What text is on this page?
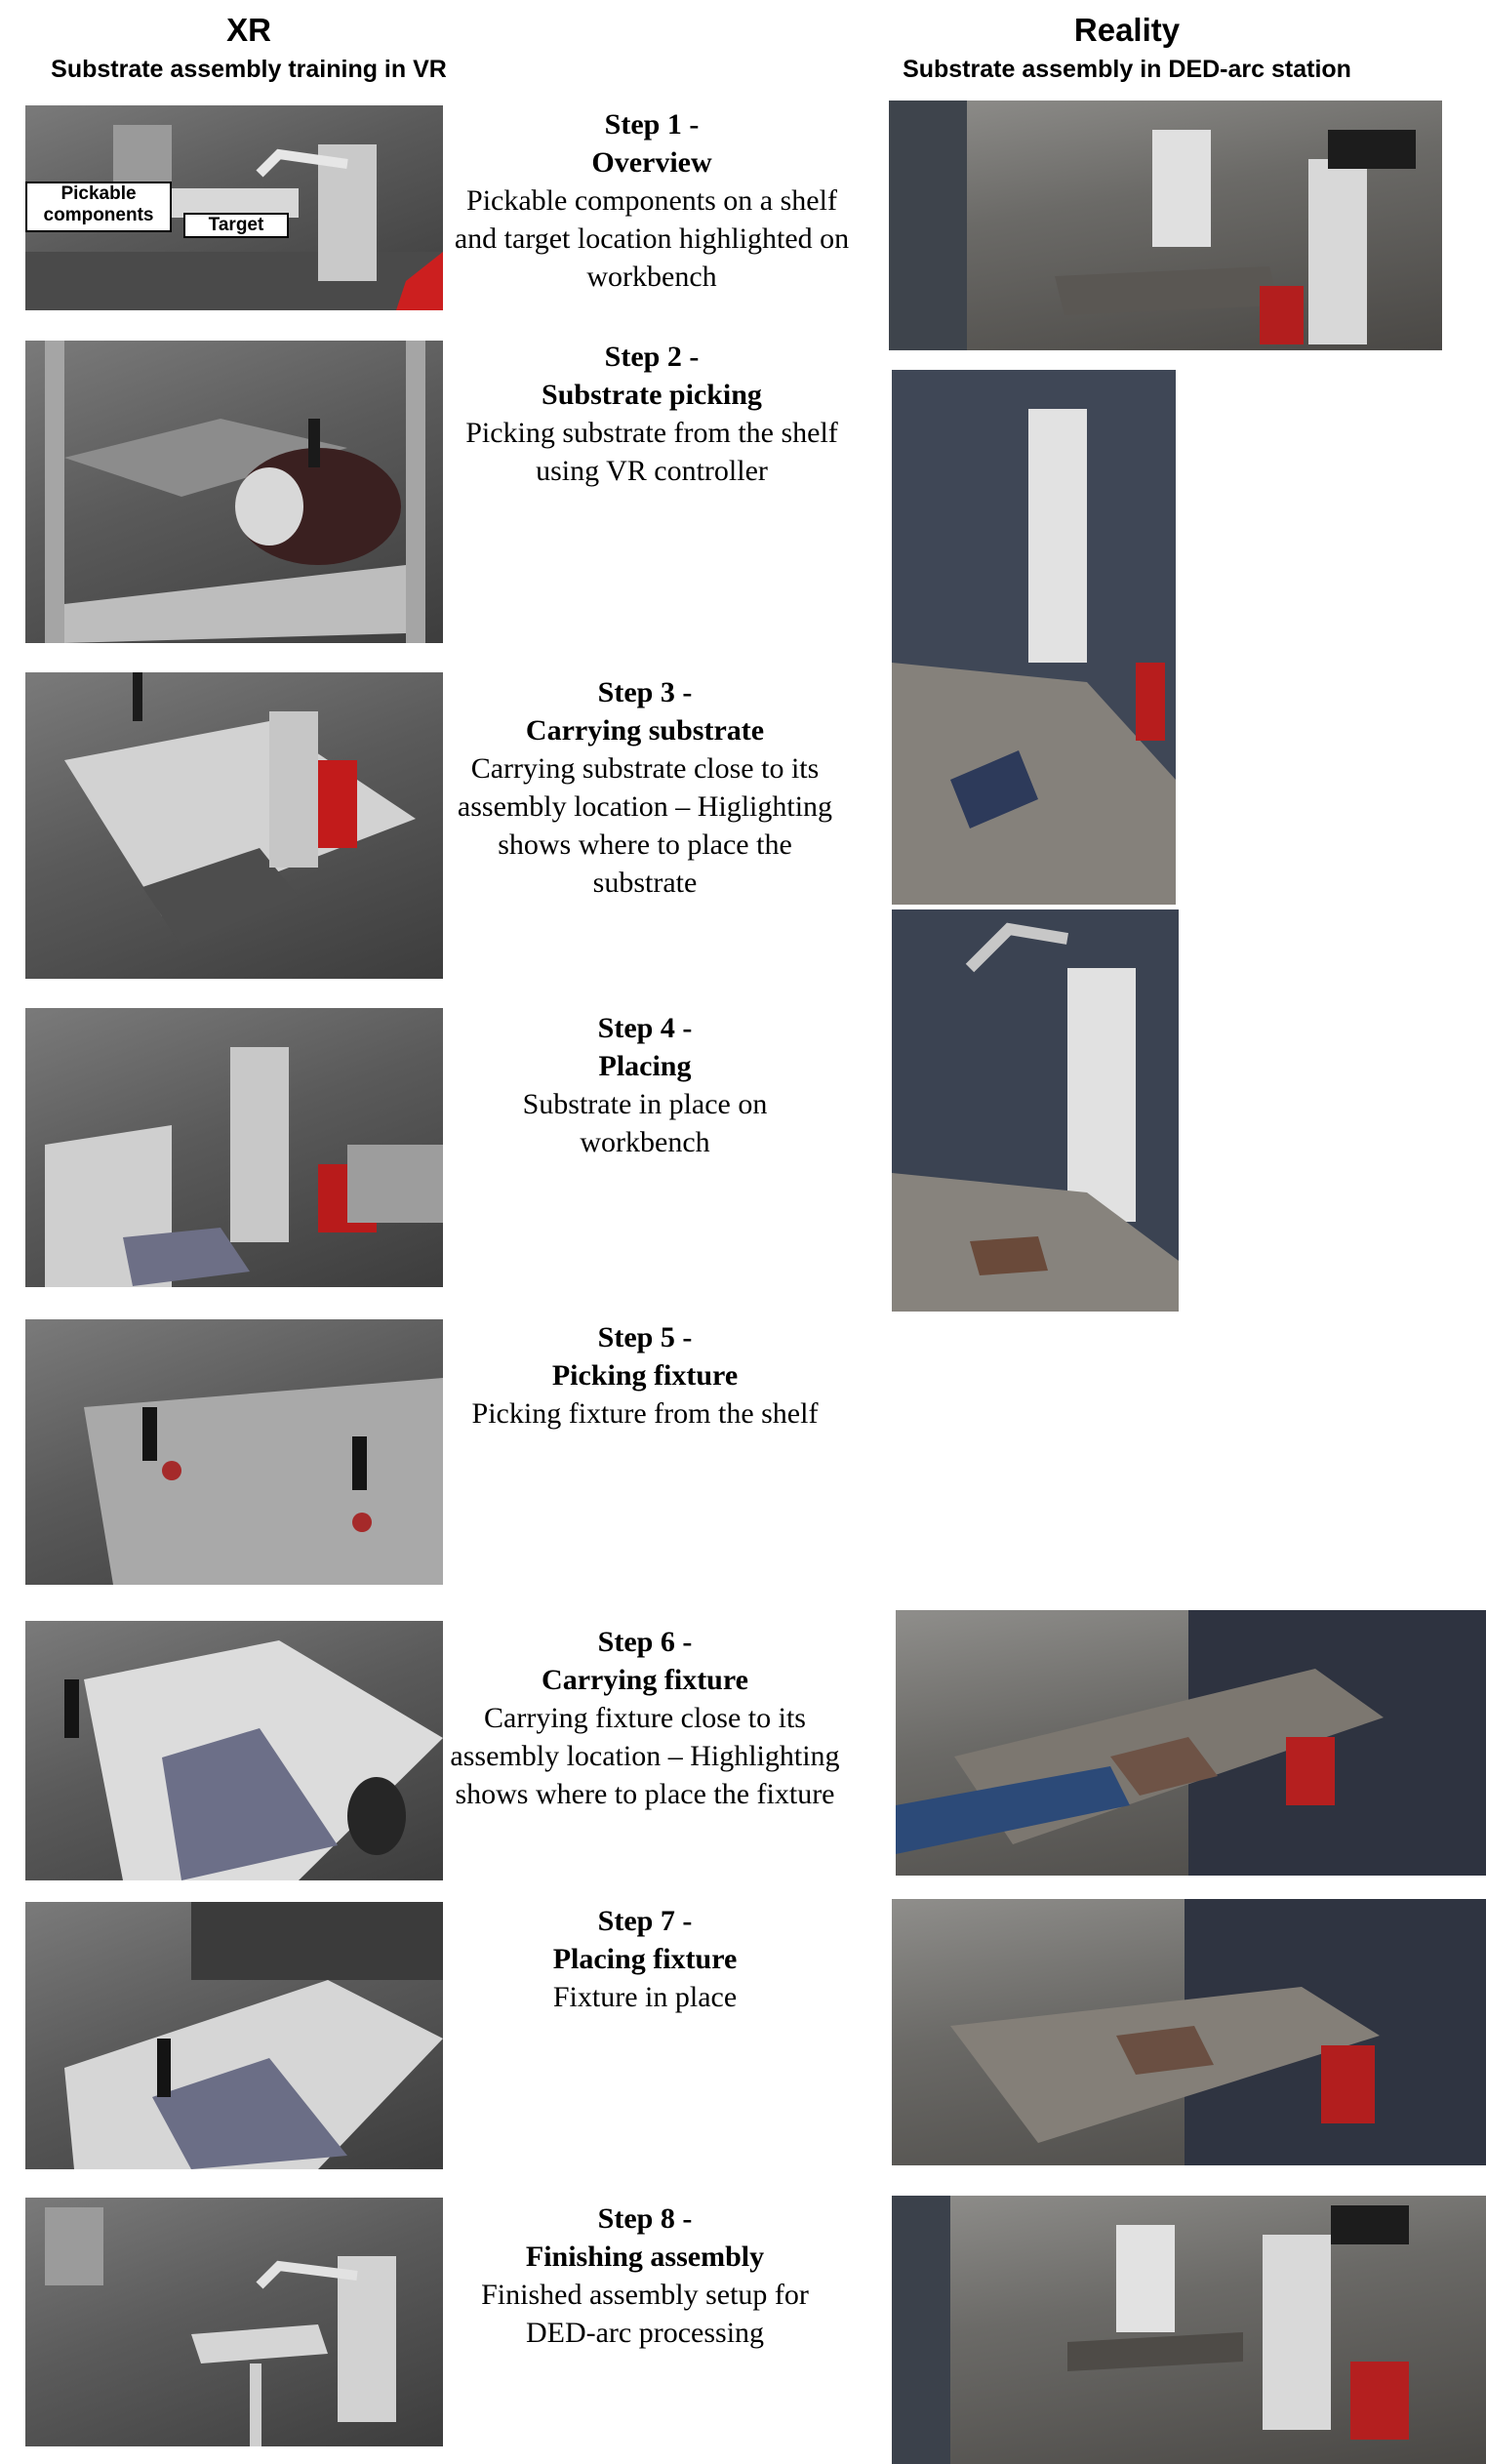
XR
Substrate assembly training in VR
Reality
Substrate assembly in DED-arc station
Pickable
components	Target
Step 1 -
Overview
Pickable components on a shelf and target location highlighted on workbench
Step 2 -
Substrate picking
Picking substrate from the shelf using VR controller
Step 3 -
Carrying substrate
Carrying substrate close to its assembly location – Higlighting shows where to place the substrate
Step 4 -
Placing
Substrate in place on workbench
Step 5 -
Picking fixture
Picking fixture from the shelf
Step 6 -
Carrying fixture
Carrying fixture close to its assembly location – Highlighting shows where to place the fixture
Step 7 -
Placing fixture
Fixture in place
Step 8 -
Finishing assembly
Finished assembly setup for DED-arc processing
